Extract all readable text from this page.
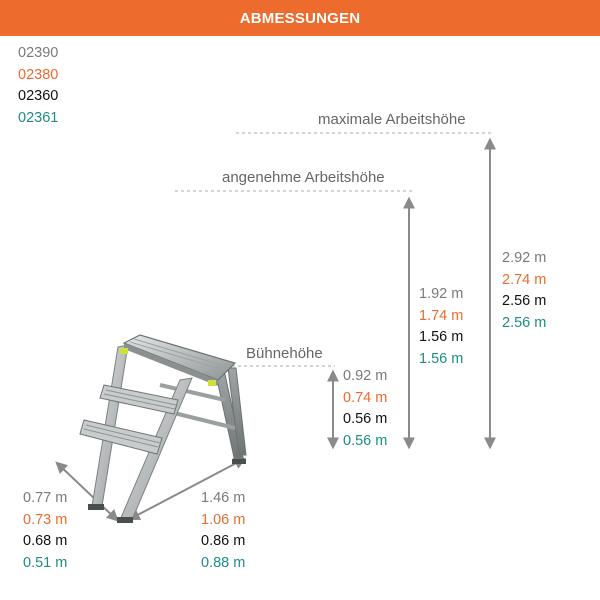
ABMESSUNGEN
02390
02380
02360
02361	maximale Arbeitshöhe
angenehme Arbeitshöhe
Bühnehöhe
2.92 m
2.74 m
2.56 m
2.56 m
1.92 m
1.74 m
1.56 m
1.56 m
0.92 m
0.74 m
0.56 m
0.56 m
0.77 m
0.73 m
0.68 m
0.51 m
1.46 m
1.06 m
0.86 m
0.88 m
